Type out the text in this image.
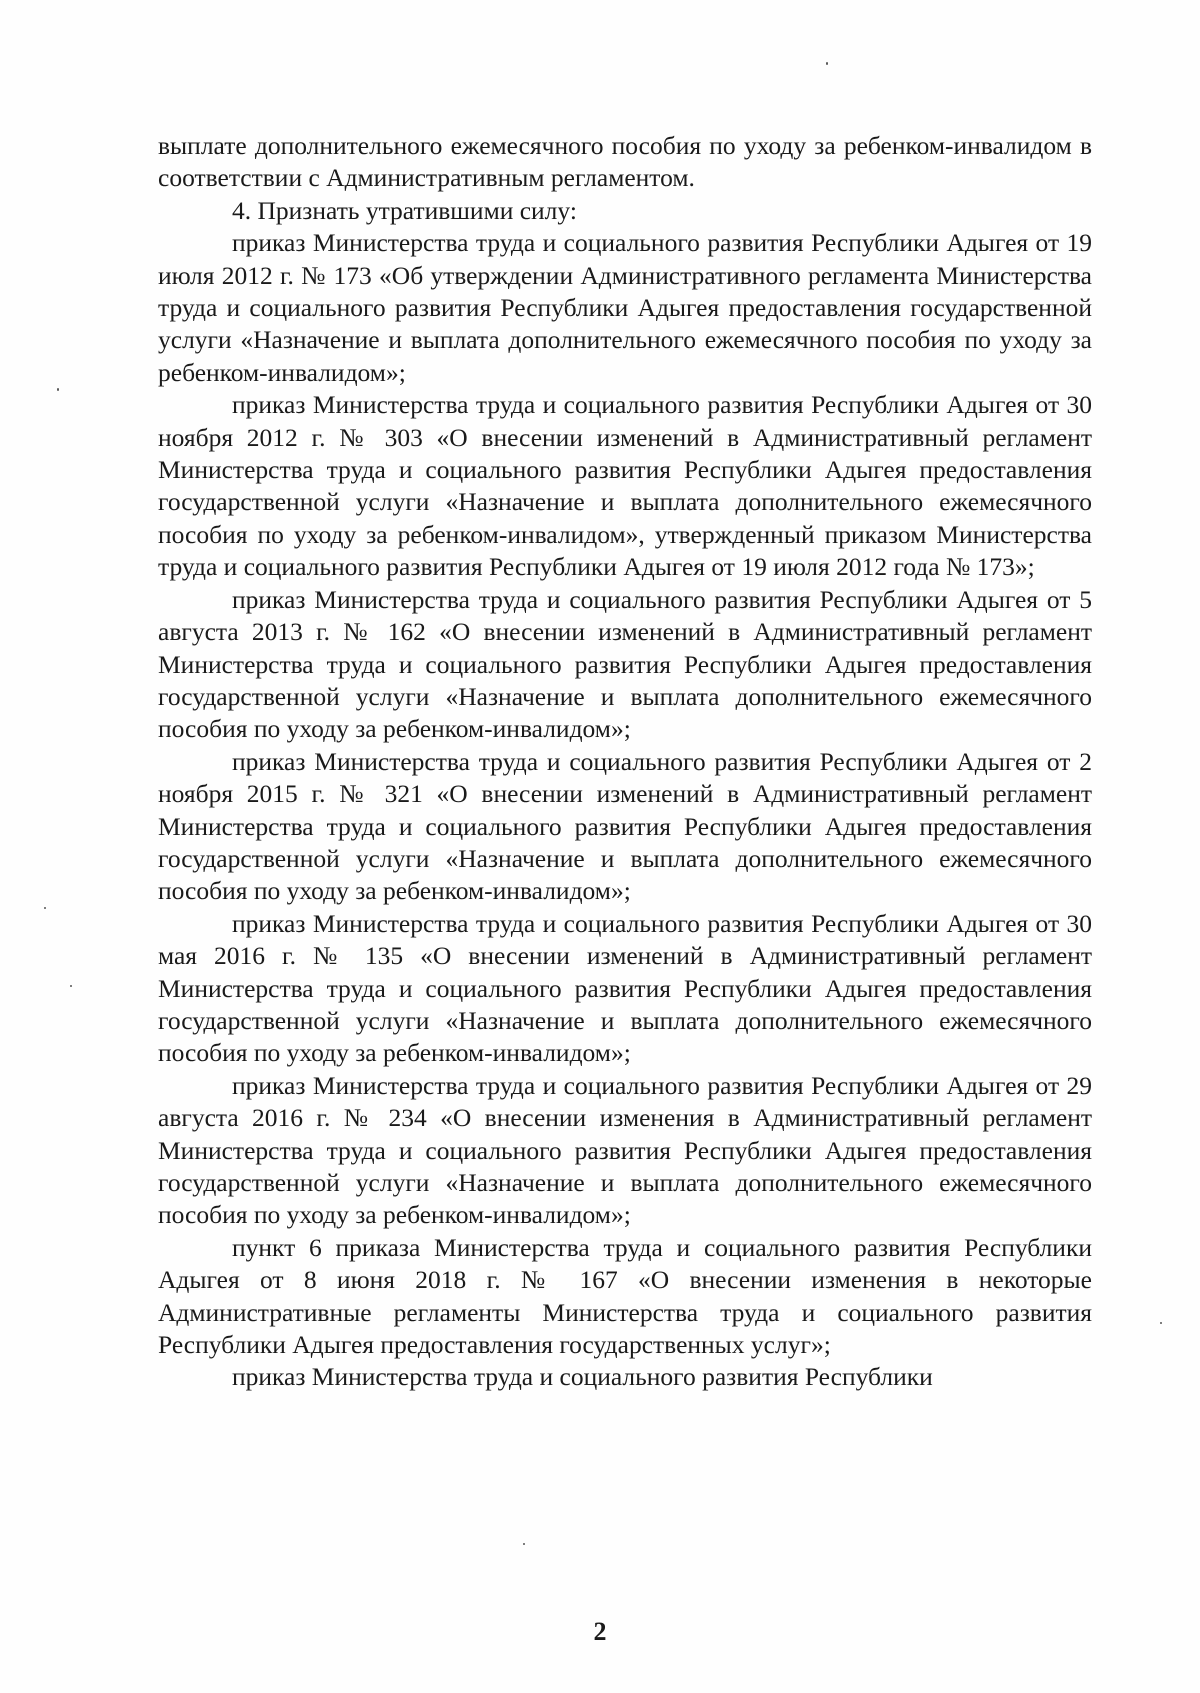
выплате дополнительного ежемесячного пособия по уходу за ребенком-инвалидом в соответствии с Административным регламентом.

4. Признать утратившими силу:

приказ Министерства труда и социального развития Республики Адыгея от 19 июля 2012 г. № 173 «Об утверждении Административного регламента Министерства труда и социального развития Республики Адыгея предоставления государственной услуги «Назначение и выплата дополнительного ежемесячного пособия по уходу за ребенком-инвалидом»;

приказ Министерства труда и социального развития Республики Адыгея от 30 ноября 2012 г. № 303 «О внесении изменений в Административный регламент Министерства труда и социального развития Республики Адыгея предоставления государственной услуги «Назначение и выплата дополнительного ежемесячного пособия по уходу за ребенком-инвалидом», утвержденный приказом Министерства труда и социального развития Республики Адыгея от 19 июля 2012 года № 173»;

приказ Министерства труда и социального развития Республики Адыгея от 5 августа 2013 г. № 162 «О внесении изменений в Административный регламент Министерства труда и социального развития Республики Адыгея предоставления государственной услуги «Назначение и выплата дополнительного ежемесячного пособия по уходу за ребенком-инвалидом»;

приказ Министерства труда и социального развития Республики Адыгея от 2 ноября 2015 г. № 321 «О внесении изменений в Административный регламент Министерства труда и социального развития Республики Адыгея предоставления государственной услуги «Назначение и выплата дополнительного ежемесячного пособия по уходу за ребенком-инвалидом»;

приказ Министерства труда и социального развития Республики Адыгея от 30 мая 2016 г. № 135 «О внесении изменений в Административный регламент Министерства труда и социального развития Республики Адыгея предоставления государственной услуги «Назначение и выплата дополнительного ежемесячного пособия по уходу за ребенком-инвалидом»;

приказ Министерства труда и социального развития Республики Адыгея от 29 августа 2016 г. № 234 «О внесении изменения в Административный регламент Министерства труда и социального развития Республики Адыгея предоставления государственной услуги «Назначение и выплата дополнительного ежемесячного пособия по уходу за ребенком-инвалидом»;

пункт 6 приказа Министерства труда и социального развития Республики Адыгея от 8 июня 2018 г. № 167 «О внесении изменения в некоторые Административные регламенты Министерства труда и социального развития Республики Адыгея предоставления государственных услуг»;

приказ Министерства труда и социального развития Республики

2
